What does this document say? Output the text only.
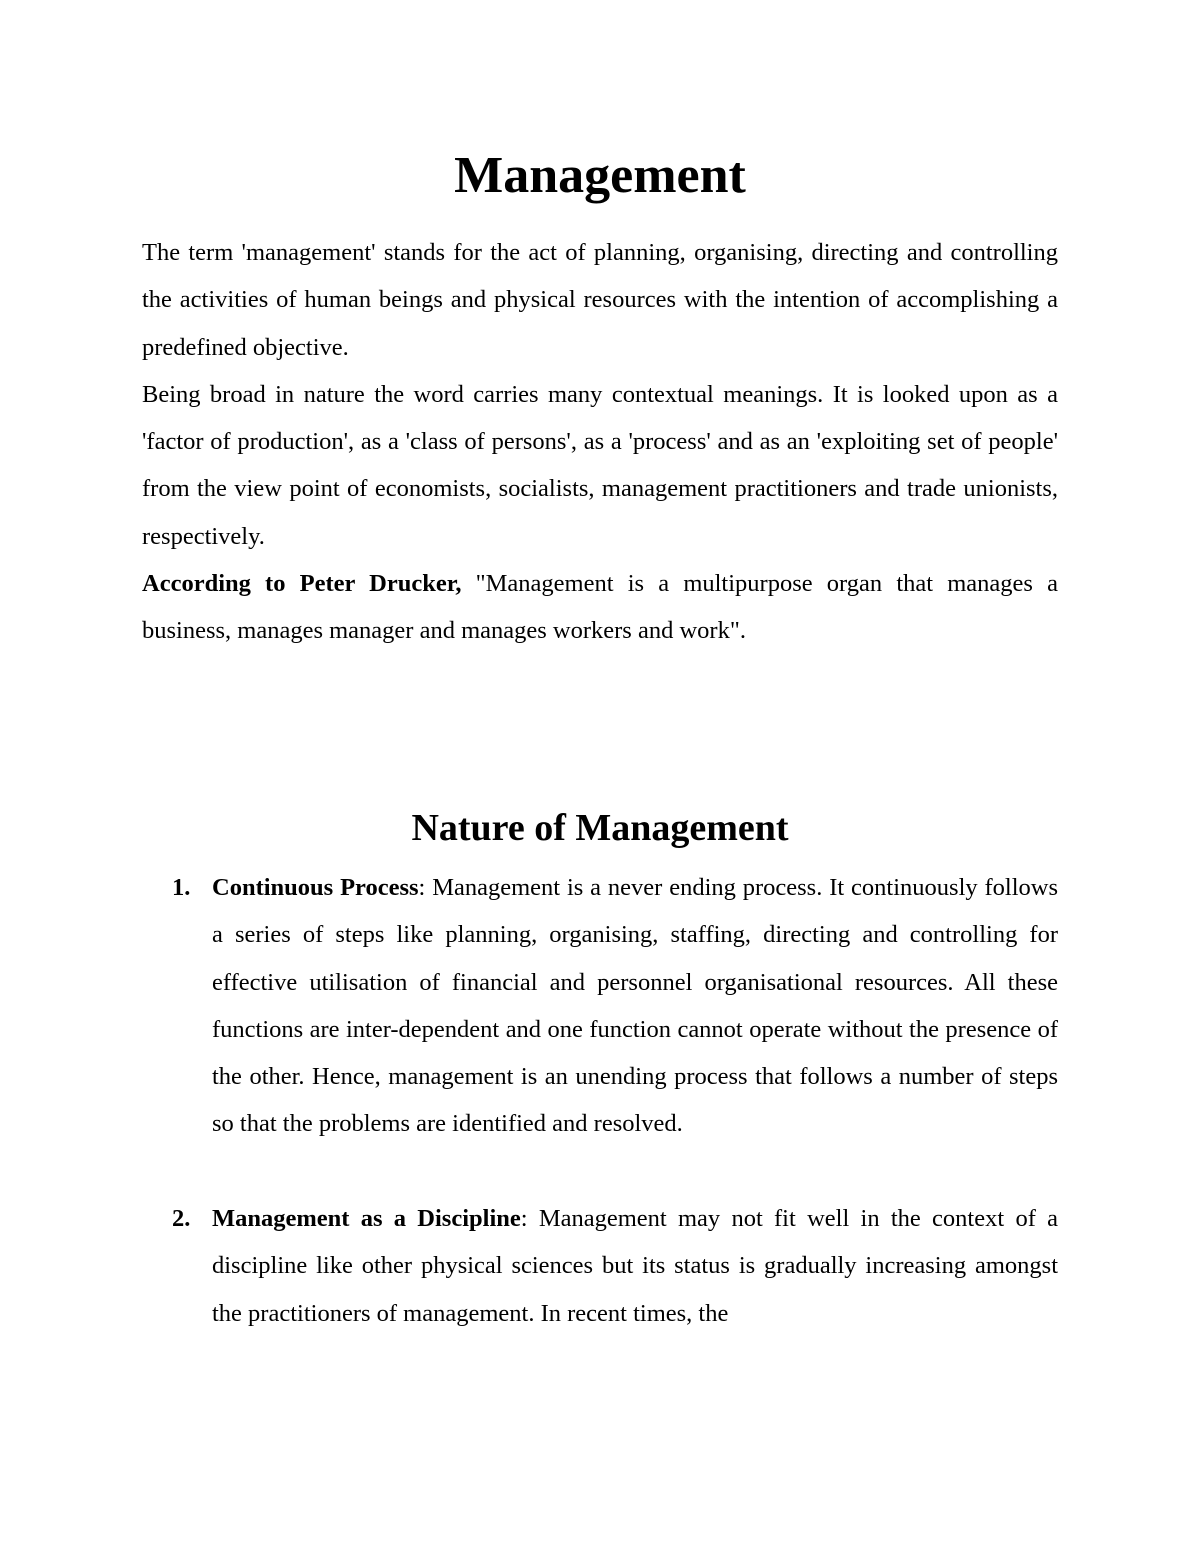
Management

The term 'management' stands for the act of planning, organising, directing and controlling the activities of human beings and physical resources with the intention of accomplishing a predefined objective.

Being broad in nature the word carries many contextual meanings. It is looked upon as a 'factor of production', as a 'class of persons', as a 'process' and as an 'exploiting set of people' from the view point of economists, socialists, management practitioners and trade unionists, respectively.

According to Peter Drucker, "Management is a multipurpose organ that manages a business, manages manager and manages workers and work".

Nature of Management
1. Continuous Process: Management is a never ending process. It continuously follows a series of steps like planning, organising, staffing, directing and controlling for effective utilisation of financial and personnel organisational resources. All these functions are inter-dependent and one function cannot operate without the presence of the other. Hence, management is an unending process that follows a number of steps so that the problems are identified and resolved.
2. Management as a Discipline: Management may not fit well in the context of a discipline like other physical sciences but its status is gradually increasing amongst the practitioners of management. In recent times, the
